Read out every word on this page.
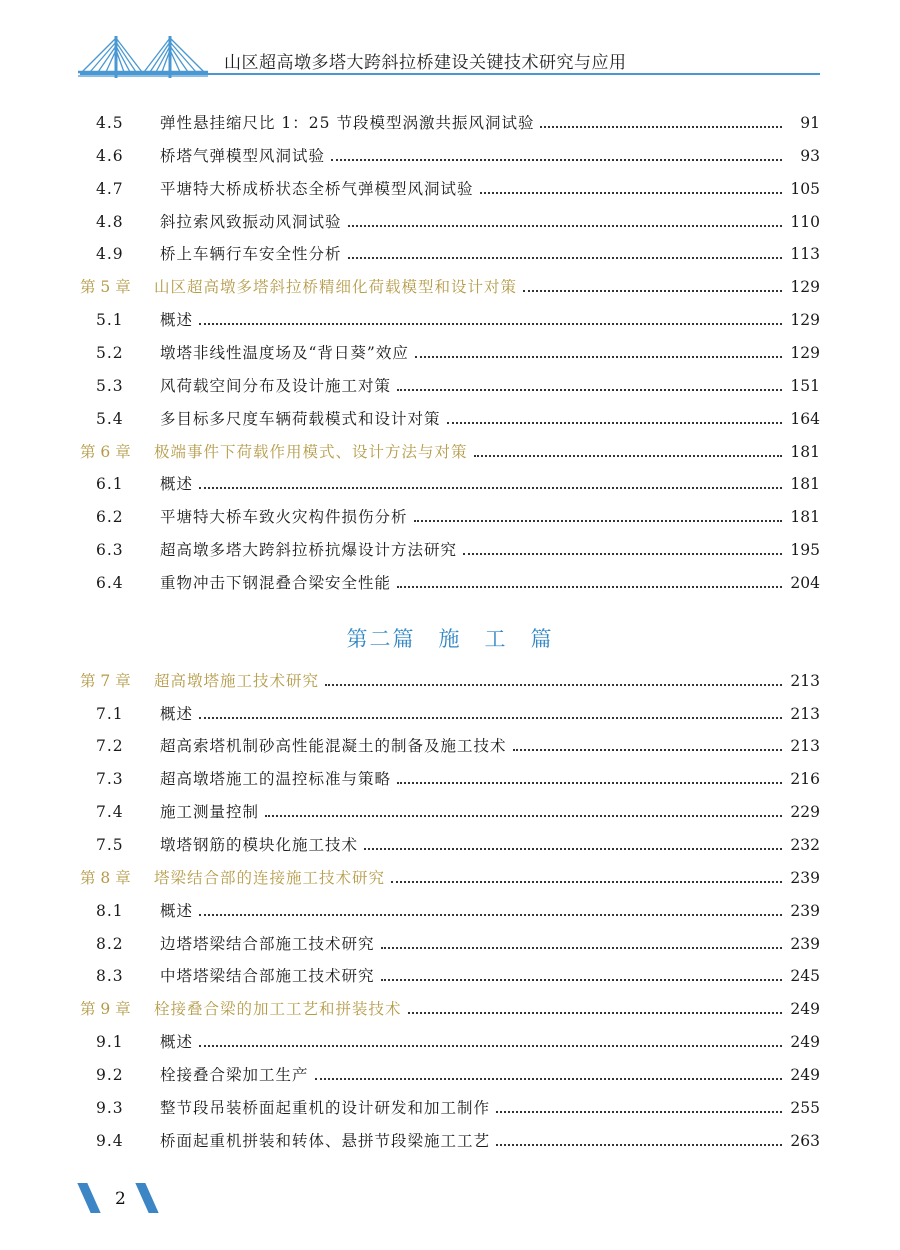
山区超高墩多塔大跨斜拉桥建设关键技术研究与应用
4.5	弹性悬挂缩尺比 1：25 节段模型涡激共振风洞试验	91
4.6	桥塔气弹模型风洞试验	93
4.7	平塘特大桥成桥状态全桥气弹模型风洞试验	105
4.8	斜拉索风致振动风洞试验	110
4.9	桥上车辆行车安全性分析	113
第 5 章	山区超高墩多塔斜拉桥精细化荷载模型和设计对策	129
5.1	概述	129
5.2	墩塔非线性温度场及“背日葵”效应	129
5.3	风荷载空间分布及设计施工对策	151
5.4	多目标多尺度车辆荷载模式和设计对策	164
第 6 章	极端事件下荷载作用模式、设计方法与对策	181
6.1	概述	181
6.2	平塘特大桥车致火灾构件损伤分析	181
6.3	超高墩多塔大跨斜拉桥抗爆设计方法研究	195
6.4	重物冲击下钢混叠合梁安全性能	204
第 7 章	超高墩塔施工技术研究	213
7.1	概述	213
7.2	超高索塔机制砂高性能混凝土的制备及施工技术	213
7.3	超高墩塔施工的温控标准与策略	216
7.4	施工测量控制	229
7.5	墩塔钢筋的模块化施工技术	232
第 8 章	塔梁结合部的连接施工技术研究	239
8.1	概述	239
8.2	边塔塔梁结合部施工技术研究	239
8.3	中塔塔梁结合部施工技术研究	245
第 9 章	栓接叠合梁的加工工艺和拼装技术	249
9.1	概述	249
9.2	栓接叠合梁加工生产	249
9.3	整节段吊装桥面起重机的设计研发和加工制作	255
9.4	桥面起重机拼装和转体、悬拼节段梁施工工艺	263
第二篇　施　工　篇
2
